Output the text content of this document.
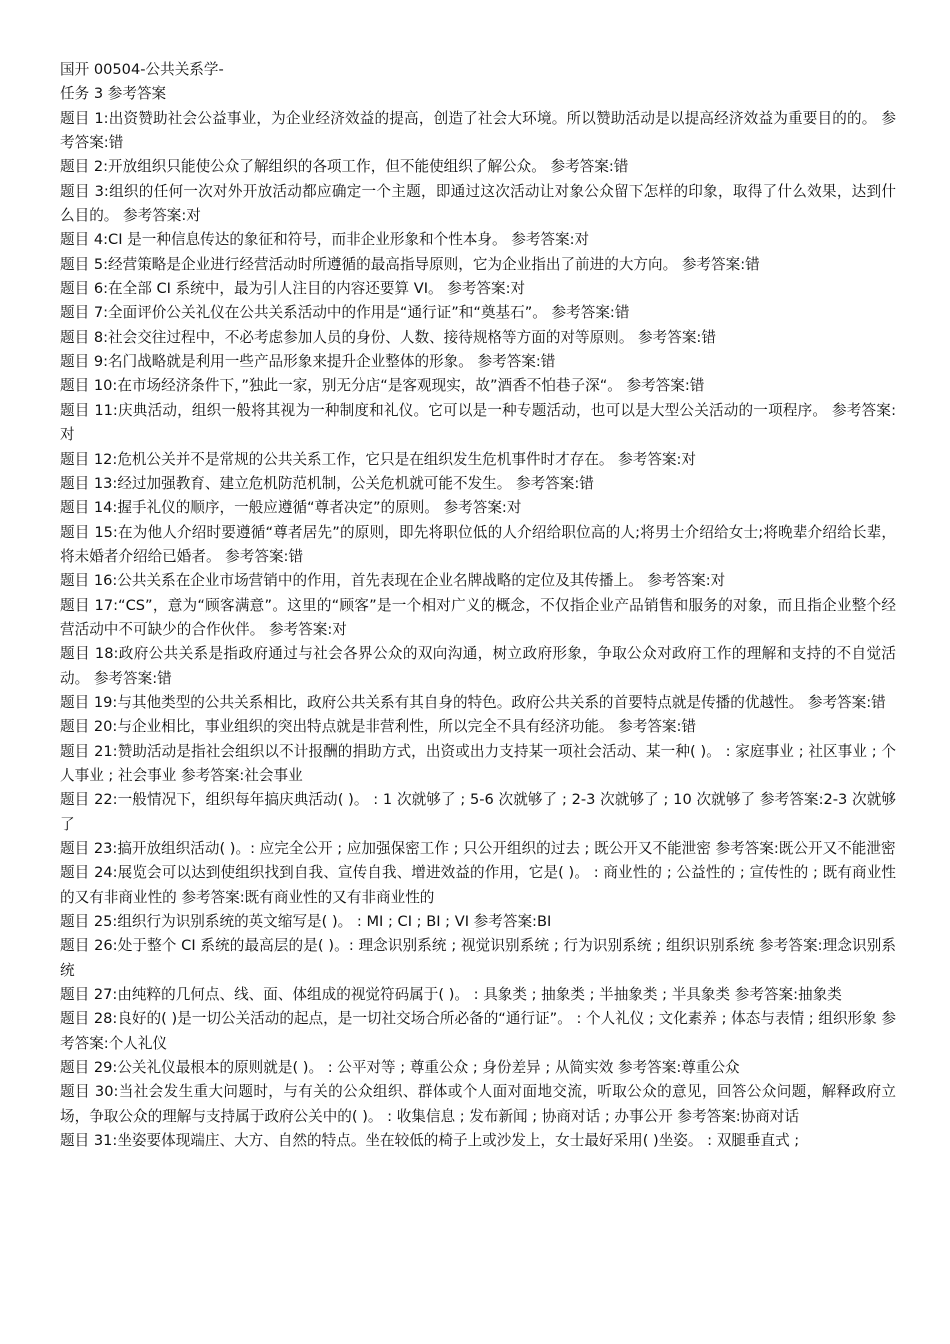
国开 00504-公共关系学-

任务 3 参考答案

题目 1:出资赞助社会公益事业，为企业经济效益的提高，创造了社会大环境。所以赞助活动是以提高经济效益为重要目的的。 参考答案:错

题目 2:开放组织只能使公众了解组织的各项工作，但不能使组织了解公众。 参考答案:错

题目 3:组织的任何一次对外开放活动都应确定一个主题，即通过这次活动让对象公众留下怎样的印象，取得了什么效果，达到什么目的。 参考答案:对

题目 4:CI 是一种信息传达的象征和符号，而非企业形象和个性本身。 参考答案:对

题目 5:经营策略是企业进行经营活动时所遵循的最高指导原则，它为企业指出了前进的大方向。 参考答案:错

题目 6:在全部 CI 系统中，最为引人注目的内容还要算 VI。 参考答案:对

题目 7:全面评价公关礼仪在公共关系活动中的作用是“通行证”和“奠基石”。 参考答案:错

题目 8:社会交往过程中，不必考虑参加人员的身份、人数、接待规格等方面的对等原则。 参考答案:错

题目 9:名门战略就是利用一些产品形象来提升企业整体的形象。 参考答案:错

题目 10:在市场经济条件下，”独此一家，别无分店“是客观现实，故”酒香不怕巷子深“。 参考答案:错

题目 11:庆典活动，组织一般将其视为一种制度和礼仪。它可以是一种专题活动，也可以是大型公关活动的一项程序。 参考答案:对

题目 12:危机公关并不是常规的公共关系工作，它只是在组织发生危机事件时才存在。 参考答案:对

题目 13:经过加强教育、建立危机防范机制，公关危机就可能不发生。 参考答案:错

题目 14:握手礼仪的顺序，一般应遵循“尊者决定”的原则。 参考答案:对

题目 15:在为他人介绍时要遵循“尊者居先”的原则，即先将职位低的人介绍给职位高的人;将男士介绍给女士;将晚辈介绍给长辈，将未婚者介绍给已婚者。 参考答案:错

题目 16:公共关系在企业市场营销中的作用，首先表现在企业名牌战略的定位及其传播上。 参考答案:对

题目 17:“CS”，意为“顾客满意”。这里的“顾客”是一个相对广义的概念，不仅指企业产品销售和服务的对象，而且指企业整个经营活动中不可缺少的合作伙伴。 参考答案:对

题目 18:政府公共关系是指政府通过与社会各界公众的双向沟通，树立政府形象，争取公众对政府工作的理解和支持的不自觉活动。 参考答案:错

题目 19:与其他类型的公共关系相比，政府公共关系有其自身的特色。政府公共关系的首要特点就是传播的优越性。 参考答案:错

题目 20:与企业相比，事业组织的突出特点就是非营利性，所以完全不具有经济功能。 参考答案:错

题目 21:赞助活动是指社会组织以不计报酬的捐助方式，出资或出力支持某一项社会活动、某一种( )。 : 家庭事业 ; 社区事业 ; 个人事业 ; 社会事业 参考答案:社会事业

题目 22:一般情况下，组织每年搞庆典活动( )。 : 1 次就够了 ; 5-6 次就够了 ; 2-3 次就够了 ; 10 次就够了 参考答案:2-3 次就够了

题目 23:搞开放组织活动( )。: 应完全公开 ; 应加强保密工作 ; 只公开组织的过去 ; 既公开又不能泄密 参考答案:既公开又不能泄密

题目 24:展览会可以达到使组织找到自我、宣传自我、增进效益的作用，它是( )。 : 商业性的 ; 公益性的 ; 宣传性的 ; 既有商业性的又有非商业性的 参考答案:既有商业性的又有非商业性的

题目 25:组织行为识别系统的英文缩写是( )。 : MI ; CI ; BI ; VI 参考答案:BI

题目 26:处于整个 CI 系统的最高层的是( )。: 理念识别系统 ; 视觉识别系统 ; 行为识别系统 ; 组织识别系统 参考答案:理念识别系统

题目 27:由纯粹的几何点、线、面、体组成的视觉符码属于( )。 : 具象类 ; 抽象类 ; 半抽象类 ; 半具象类 参考答案:抽象类

题目 28:良好的( )是一切公关活动的起点，是一切社交场合所必备的“通行证”。 : 个人礼仪 ; 文化素养 ; 体态与表情 ; 组织形象 参考答案:个人礼仪

题目 29:公关礼仪最根本的原则就是( )。 : 公平对等 ; 尊重公众 ; 身份差异 ; 从简实效 参考答案:尊重公众

题目 30:当社会发生重大问题时，与有关的公众组织、群体或个人面对面地交流，听取公众的意见，回答公众问题，解释政府立场，争取公众的理解与支持属于政府公关中的( )。 : 收集信息 ; 发布新闻 ; 协商对话 ; 办事公开 参考答案:协商对话

题目 31:坐姿要体现端庄、大方、自然的特点。坐在较低的椅子上或沙发上，女士最好采用( )坐姿。 : 双腿垂直式 ;
